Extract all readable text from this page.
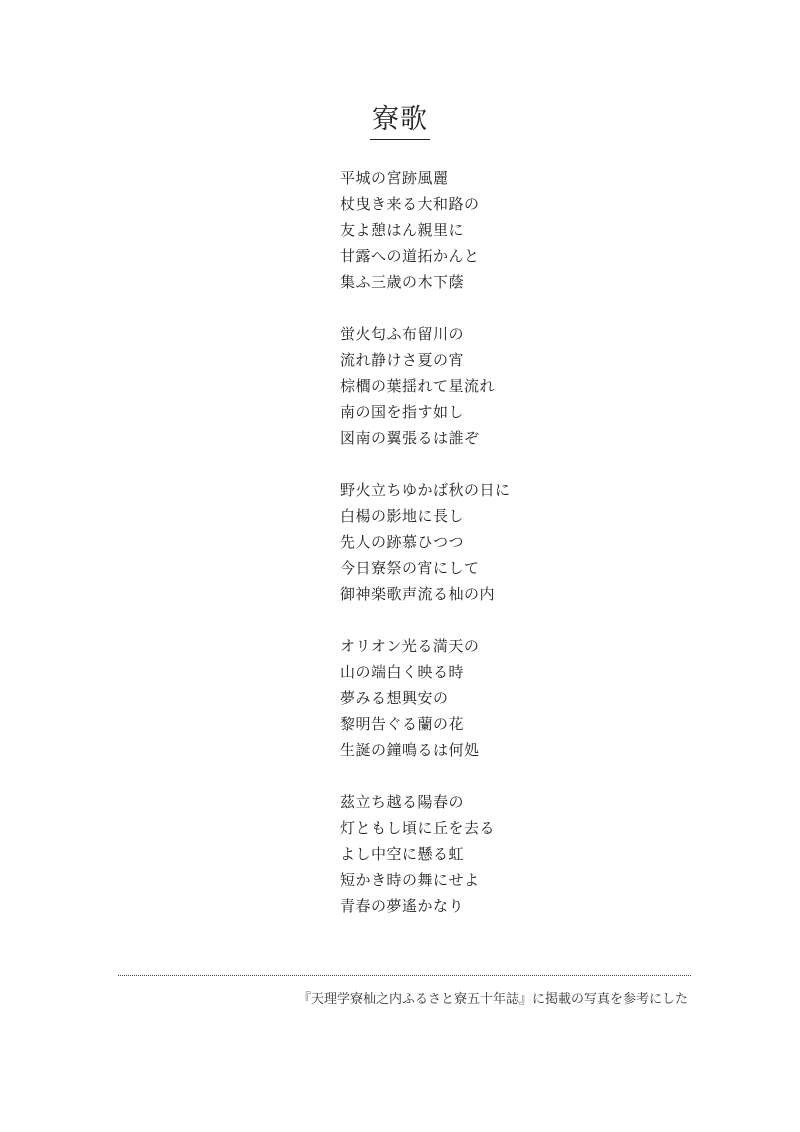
寮歌
平城の宮跡風麗
杖曳き来る大和路の
友よ憩はん親里に
甘露への道拓かんと
集ふ三歳の木下蔭
蛍火匂ふ布留川の
流れ静けさ夏の宵
棕櫚の葉揺れて星流れ
南の国を指す如し
図南の翼張るは誰ぞ
野火立ちゆかば秋の日に
白楊の影地に長し
先人の跡慕ひつつ
今日寮祭の宵にして
御神楽歌声流る杣の内
オリオン光る満天の
山の端白く映る時
夢みる想興安の
黎明告ぐる蘭の花
生誕の鐘鳴るは何処
茲立ち越る陽春の
灯ともし頃に丘を去る
よし中空に懸る虹
短かき時の舞にせよ
青春の夢遙かなり
『天理学寮杣之内ふるさと寮五十年誌』に掲載の写真を参考にした
